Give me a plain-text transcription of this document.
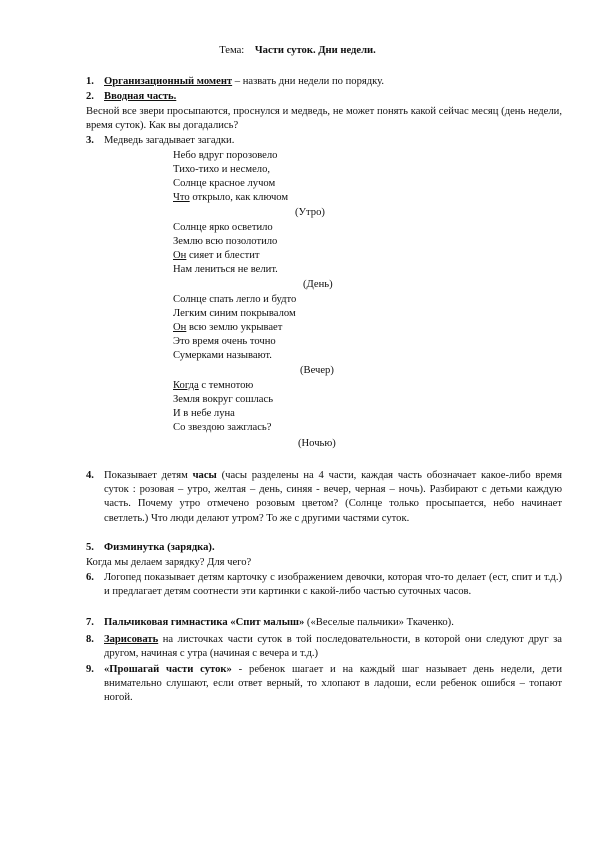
Тема: Части суток. Дни недели.
1. Организационный момент – назвать дни недели по порядку.
2. Вводная часть.
Весной все звери просыпаются, проснулся и медведь, не может понять какой сейчас месяц (день недели, время суток). Как вы догадались?
3. Медведь загадывает загадки.
Небо вдруг порозовело
Тихо-тихо и несмело,
Солнце красное лучом
Что открыло, как ключом
(Утро)
Солнце ярко осветило
Землю всю позолотило
Он сияет и блестит
Нам лениться не велит.
(День)
Солнце спать легло и будто
Легким синим покрывалом
Он всю землю укрывает
Это время очень точно
Сумерками называют.
(Вечер)
Когда с темнотою
Земля вокруг сошлась
И в небе луна
Со звездою зажглась?
(Ночью)
4. Показывает детям часы (часы разделены на 4 части, каждая часть обозначает какое-либо время суток : розовая – утро, желтая – день, синяя - вечер, черная – ночь). Разбирают с детьми каждую часть. Почему утро отмечено розовым цветом? (Солнце только просыпается, небо начинает светлеть.) Что люди делают утром? То же с другими частями суток.
5. Физминутка (зарядка).
Когда мы делаем зарядку? Для чего?
6. Логопед показывает детям карточку с изображением девочки, которая что-то делает (ест, спит и т.д.) и предлагает детям соотнести эти картинки с какой-либо частью суточных часов.
7. Пальчиковая гимнастика «Спит малыш» («Веселые пальчики» Ткаченко).
8. Зарисовать на листочках части суток в той последовательности, в которой они следуют друг за другом, начиная с утра (начиная с вечера и т.д.)
9. «Прошагай части суток» - ребенок шагает и на каждый шаг называет день недели, дети внимательно слушают, если ответ верный, то хлопают в ладоши, если ребенок ошибся – топают ногой.
